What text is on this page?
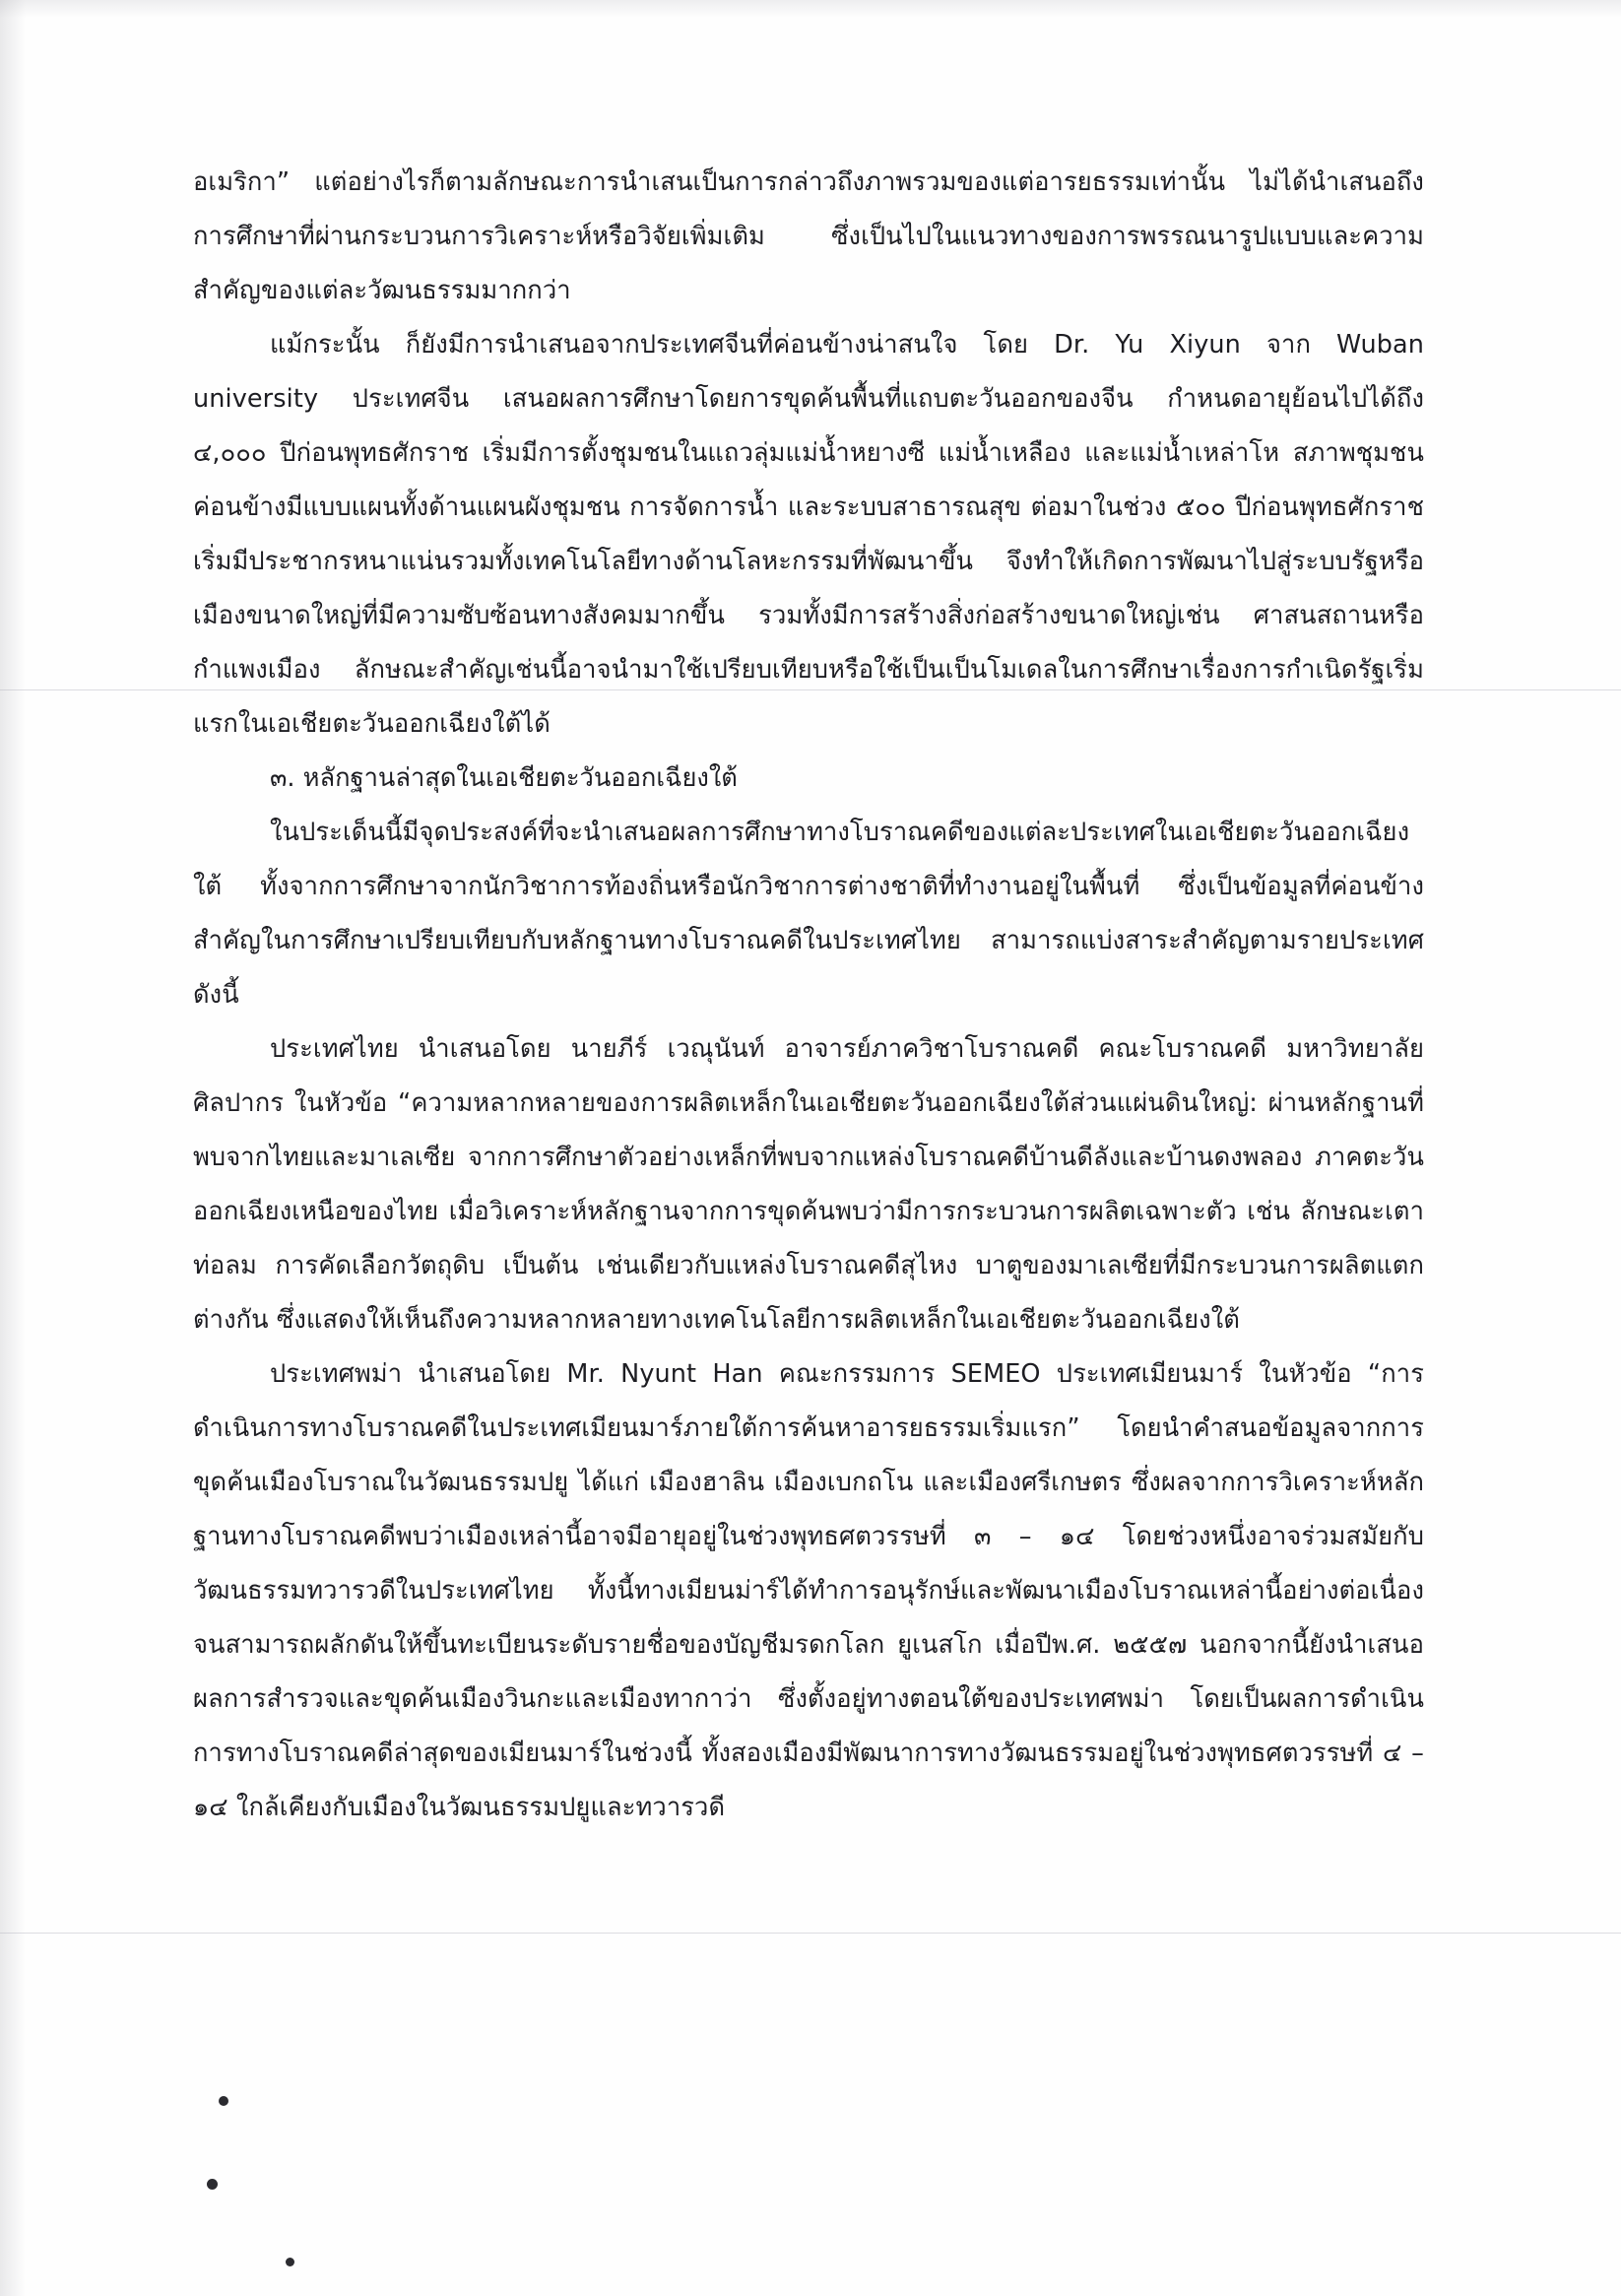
อเมริกา” แต่อย่างไรก็ตามลักษณะการนำเสนเป็นการกล่าวถึงภาพรวมของแต่อารยธรรมเท่านั้น ไม่ได้นำเสนอถึงการศึกษาที่ผ่านกระบวนการวิเคราะห์หรือวิจัยเพิ่มเติม ซึ่งเป็นไปในแนวทางของการพรรณนารูปแบบและความสำคัญของแต่ละวัฒนธรรมมากกว่า

แม้กระนั้น ก็ยังมีการนำเสนอจากประเทศจีนที่ค่อนข้างน่าสนใจ โดย Dr. Yu Xiyun จาก Wuban university ประเทศจีน เสนอผลการศึกษาโดยการขุดค้นพื้นที่แถบตะวันออกของจีน กำหนดอายุย้อนไปได้ถึง ๔,๐๐๐ ปีก่อนพุทธศักราช เริ่มมีการตั้งชุมชนในแถวลุ่มแม่น้ำหยางซี แม่น้ำเหลือง และแม่น้ำเหล่าโห สภาพชุมชนค่อนข้างมีแบบแผนทั้งด้านแผนผังชุมชน การจัดการน้ำ และระบบสาธารณสุข ต่อมาในช่วง ๕๐๐ ปีก่อนพุทธศักราชเริ่มมีประชากรหนาแน่นรวมทั้งเทคโนโลยีทางด้านโลหะกรรมที่พัฒนาขึ้น จึงทำให้เกิดการพัฒนาไปสู่ระบบรัฐหรือเมืองขนาดใหญ่ที่มีความซับซ้อนทางสังคมมากขึ้น รวมทั้งมีการสร้างสิ่งก่อสร้างขนาดใหญ่เช่น ศาสนสถานหรือกำแพงเมือง ลักษณะสำคัญเช่นนี้อาจนำมาใช้เปรียบเทียบหรือใช้เป็นเป็นโมเดลในการศึกษาเรื่องการกำเนิดรัฐเริ่มแรกในเอเชียตะวันออกเฉียงใต้ได้

๓. หลักฐานล่าสุดในเอเชียตะวันออกเฉียงใต้

ในประเด็นนี้มีจุดประสงค์ที่จะนำเสนอผลการศึกษาทางโบราณคดีของแต่ละประเทศในเอเชียตะวันออกเฉียงใต้ ทั้งจากการศึกษาจากนักวิชาการท้องถิ่นหรือนักวิชาการต่างชาติที่ทำงานอยู่ในพื้นที่ ซึ่งเป็นข้อมูลที่ค่อนข้างสำคัญในการศึกษาเปรียบเทียบกับหลักฐานทางโบราณคดีในประเทศไทย สามารถแบ่งสาระสำคัญตามรายประเทศ ดังนี้

ประเทศไทย นำเสนอโดย นายภีร์ เวณุนันท์ อาจารย์ภาควิชาโบราณคดี คณะโบราณคดี มหาวิทยาลัยศิลปากร ในหัวข้อ “ความหลากหลายของการผลิตเหล็กในเอเชียตะวันออกเฉียงใต้ส่วนแผ่นดินใหญ่: ผ่านหลักฐานที่พบจากไทยและมาเลเซีย จากการศึกษาตัวอย่างเหล็กที่พบจากแหล่งโบราณคดีบ้านดีลังและบ้านดงพลอง ภาคตะวันออกเฉียงเหนือของไทย เมื่อวิเคราะห์หลักฐานจากการขุดค้นพบว่ามีการกระบวนการผลิตเฉพาะตัว เช่น ลักษณะเตา ท่อลม การคัดเลือกวัตถุดิบ เป็นต้น เช่นเดียวกับแหล่งโบราณคดีสุไหง บาตูของมาเลเซียที่มีกระบวนการผลิตแตกต่างกัน ซึ่งแสดงให้เห็นถึงความหลากหลายทางเทคโนโลยีการผลิตเหล็กในเอเชียตะวันออกเฉียงใต้

ประเทศพม่า นำเสนอโดย Mr. Nyunt Han คณะกรรมการ SEMEO ประเทศเมียนมาร์ ในหัวข้อ “การดำเนินการทางโบราณคดีในประเทศเมียนมาร์ภายใต้การค้นหาอารยธรรมเริ่มแรก” โดยนำคำสนอข้อมูลจากการขุดค้นเมืองโบราณในวัฒนธรรมปยู ได้แก่ เมืองฮาลิน เมืองเบกถโน และเมืองศรีเกษตร ซึ่งผลจากการวิเคราะห์หลักฐานทางโบราณคดีพบว่าเมืองเหล่านี้อาจมีอายุอยู่ในช่วงพุทธศตวรรษที่ ๓ – ๑๔ โดยช่วงหนึ่งอาจร่วมสมัยกับวัฒนธรรมทวารวดีในประเทศไทย ทั้งนี้ทางเมียนม่าร์ได้ทำการอนุรักษ์และพัฒนาเมืองโบราณเหล่านี้อย่างต่อเนื่องจนสามารถผลักดันให้ขึ้นทะเบียนระดับรายชื่อของบัญชีมรดกโลก ยูเนสโก เมื่อปีพ.ศ. ๒๕๕๗ นอกจากนี้ยังนำเสนอผลการสำรวจและขุดค้นเมืองวินกะและเมืองทากาว่า ซึ่งตั้งอยู่ทางตอนใต้ของประเทศพม่า โดยเป็นผลการดำเนินการทางโบราณคดีล่าสุดของเมียนมาร์ในช่วงนี้ ทั้งสองเมืองมีพัฒนาการทางวัฒนธรรมอยู่ในช่วงพุทธศตวรรษที่ ๔ – ๑๔ ใกล้เคียงกับเมืองในวัฒนธรรมปยูและทวารวดี
